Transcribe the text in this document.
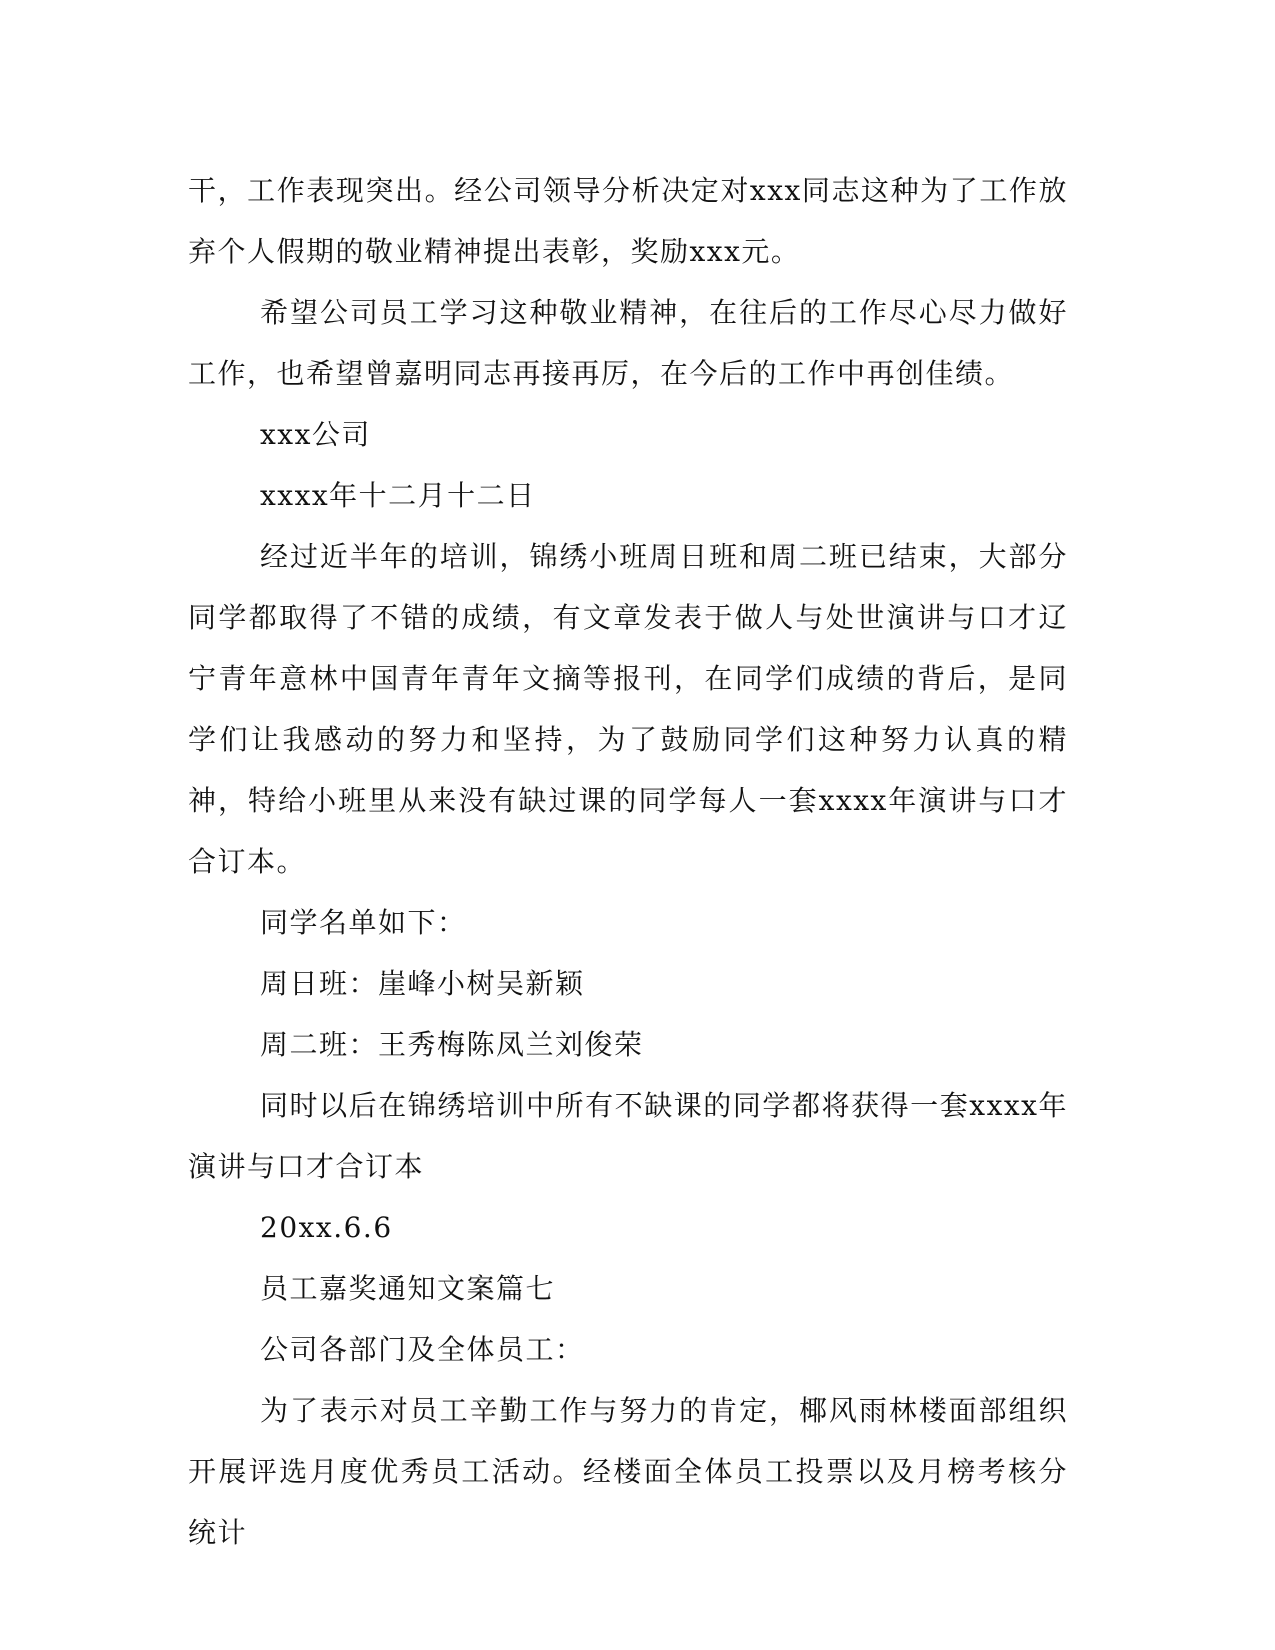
干，工作表现突出。经公司领导分析决定对xxx同志这种为了工作放弃个人假期的敬业精神提出表彰，奖励xxx元。

希望公司员工学习这种敬业精神，在往后的工作尽心尽力做好工作，也希望曾嘉明同志再接再厉，在今后的工作中再创佳绩。

xxx公司

xxxx年十二月十二日

经过近半年的培训，锦绣小班周日班和周二班已结束，大部分同学都取得了不错的成绩，有文章发表于做人与处世演讲与口才辽宁青年意林中国青年青年文摘等报刊，在同学们成绩的背后，是同学们让我感动的努力和坚持，为了鼓励同学们这种努力认真的精神，特给小班里从来没有缺过课的同学每人一套xxxx年演讲与口才合订本。

同学名单如下：

周日班：崖峰小树吴新颖

周二班：王秀梅陈凤兰刘俊荣

同时以后在锦绣培训中所有不缺课的同学都将获得一套xxxx年演讲与口才合订本

20xx.6.6

员工嘉奖通知文案篇七

公司各部门及全体员工：

为了表示对员工辛勤工作与努力的肯定，椰风雨林楼面部组织开展评选月度优秀员工活动。经楼面全体员工投票以及月榜考核分统计
